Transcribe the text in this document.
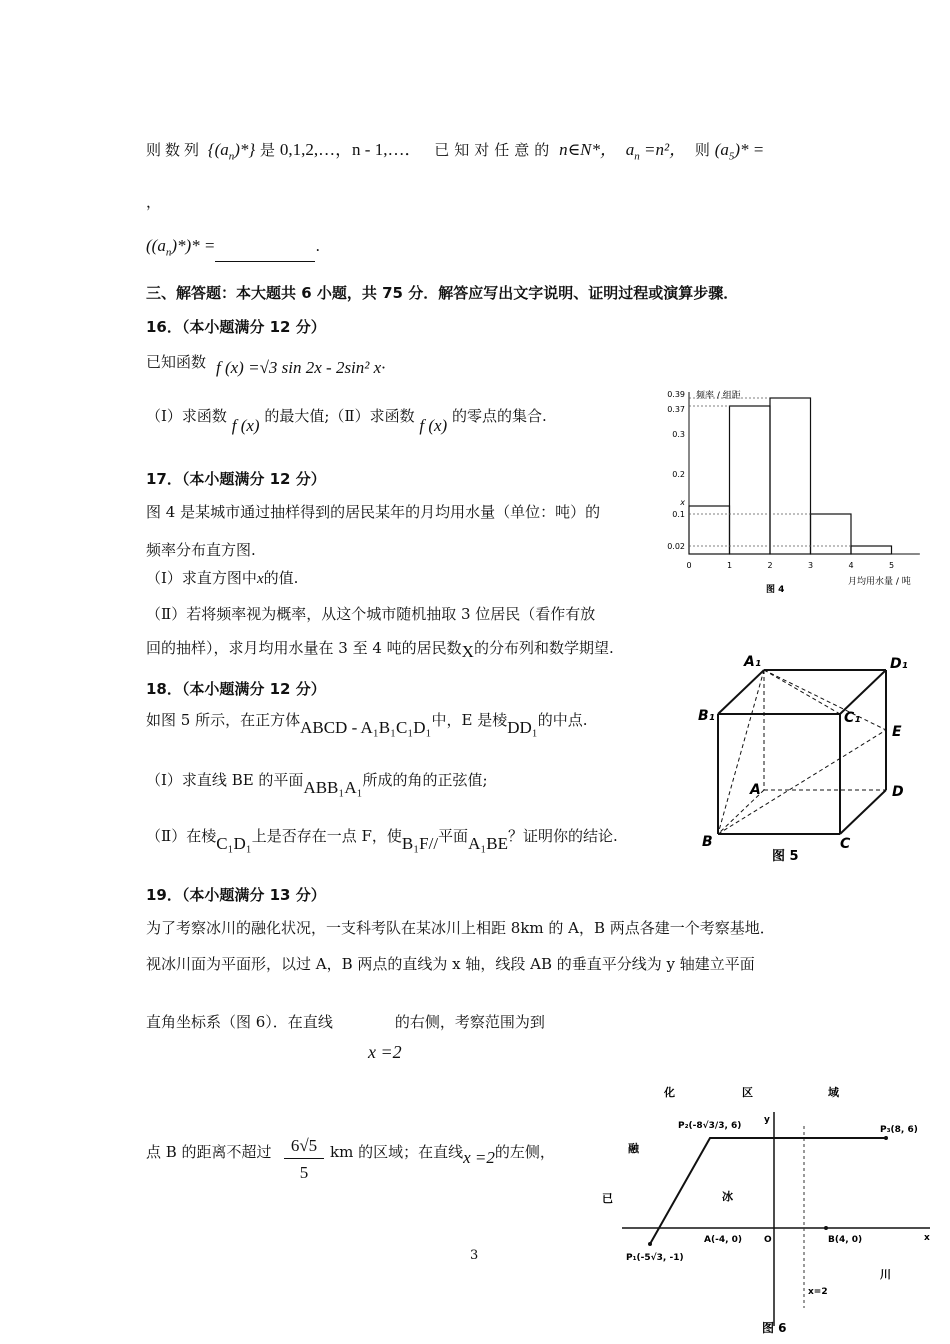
则数列 $\{(a_n)*\}$ 是 0,1,2,…，n - 1,…． 已知对任意的 n∈N*， $a_n =n^2$， 则 $(a_5)*$ =
，
$((a_n)*)*$ =	.
三、解答题：本大题共 6 小题，共 75 分．解答应写出文字说明、证明过程或演算步骤．
16．（本小题满分 12 分）
已知函数 f (x) =√3 sin 2x - 2sin² x·
（Ⅰ）求函数 f (x) 的最大值;（Ⅱ）求函数 f (x) 的零点的集合.
17．（本小题满分 12 分）
图 4 是某城市通过抽样得到的居民某年的月均用水量（单位：吨）的
频率分布直方图.
（Ⅰ）求直方图中x的值.
（Ⅱ）若将频率视为概率，从这个城市随机抽取 3 位居民（看作有放
回的抽样），求月均用水量在 3 至 4 吨的居民数X的分布列和数学期望.
18．（本小题满分 12 分）
如图 5 所示，在正方体ABCD - A₁B₁C₁D₁中，E 是棱DD₁的中点.
（Ⅰ）求直线 BE 的平面ABB₁A₁所成的角的正弦值;
（Ⅱ）在棱C₁D₁上是否存在一点 F，使B₁F//平面A₁BE？证明你的结论.
19．（本小题满分 13 分）
为了考察冰川的融化状况，一支科考队在某冰川上相距 8km 的 A，B 两点各建一个考察基地．
视冰川面为平面形，以过 A，B 两点的直线为 x 轴，线段 AB 的垂直平分线为 y 轴建立平面
直角坐标系（图 6）．在直线	的右侧，考察范围为到
x =2
点 B 的距离不超过 $\frac{6√5}{5}$ km 的区域；在直线x =2的左侧，
3
频率 / 组距
月均用水量 / 吨
图 4
0.39
0.37
0.3
0.2
x
0.1
0.02
0	1	2	3	4	5
A₁	D₁
B₁	C₁
E
A	D
B	C
图 5
化	区	域
融
冰
川
已
P₁(-5√3, -1)
P₂(-8√3/3, 6)	P₃(8, 6)
A(-4, 0)	B(4, 0)
O	x
y
x=2
图 6
